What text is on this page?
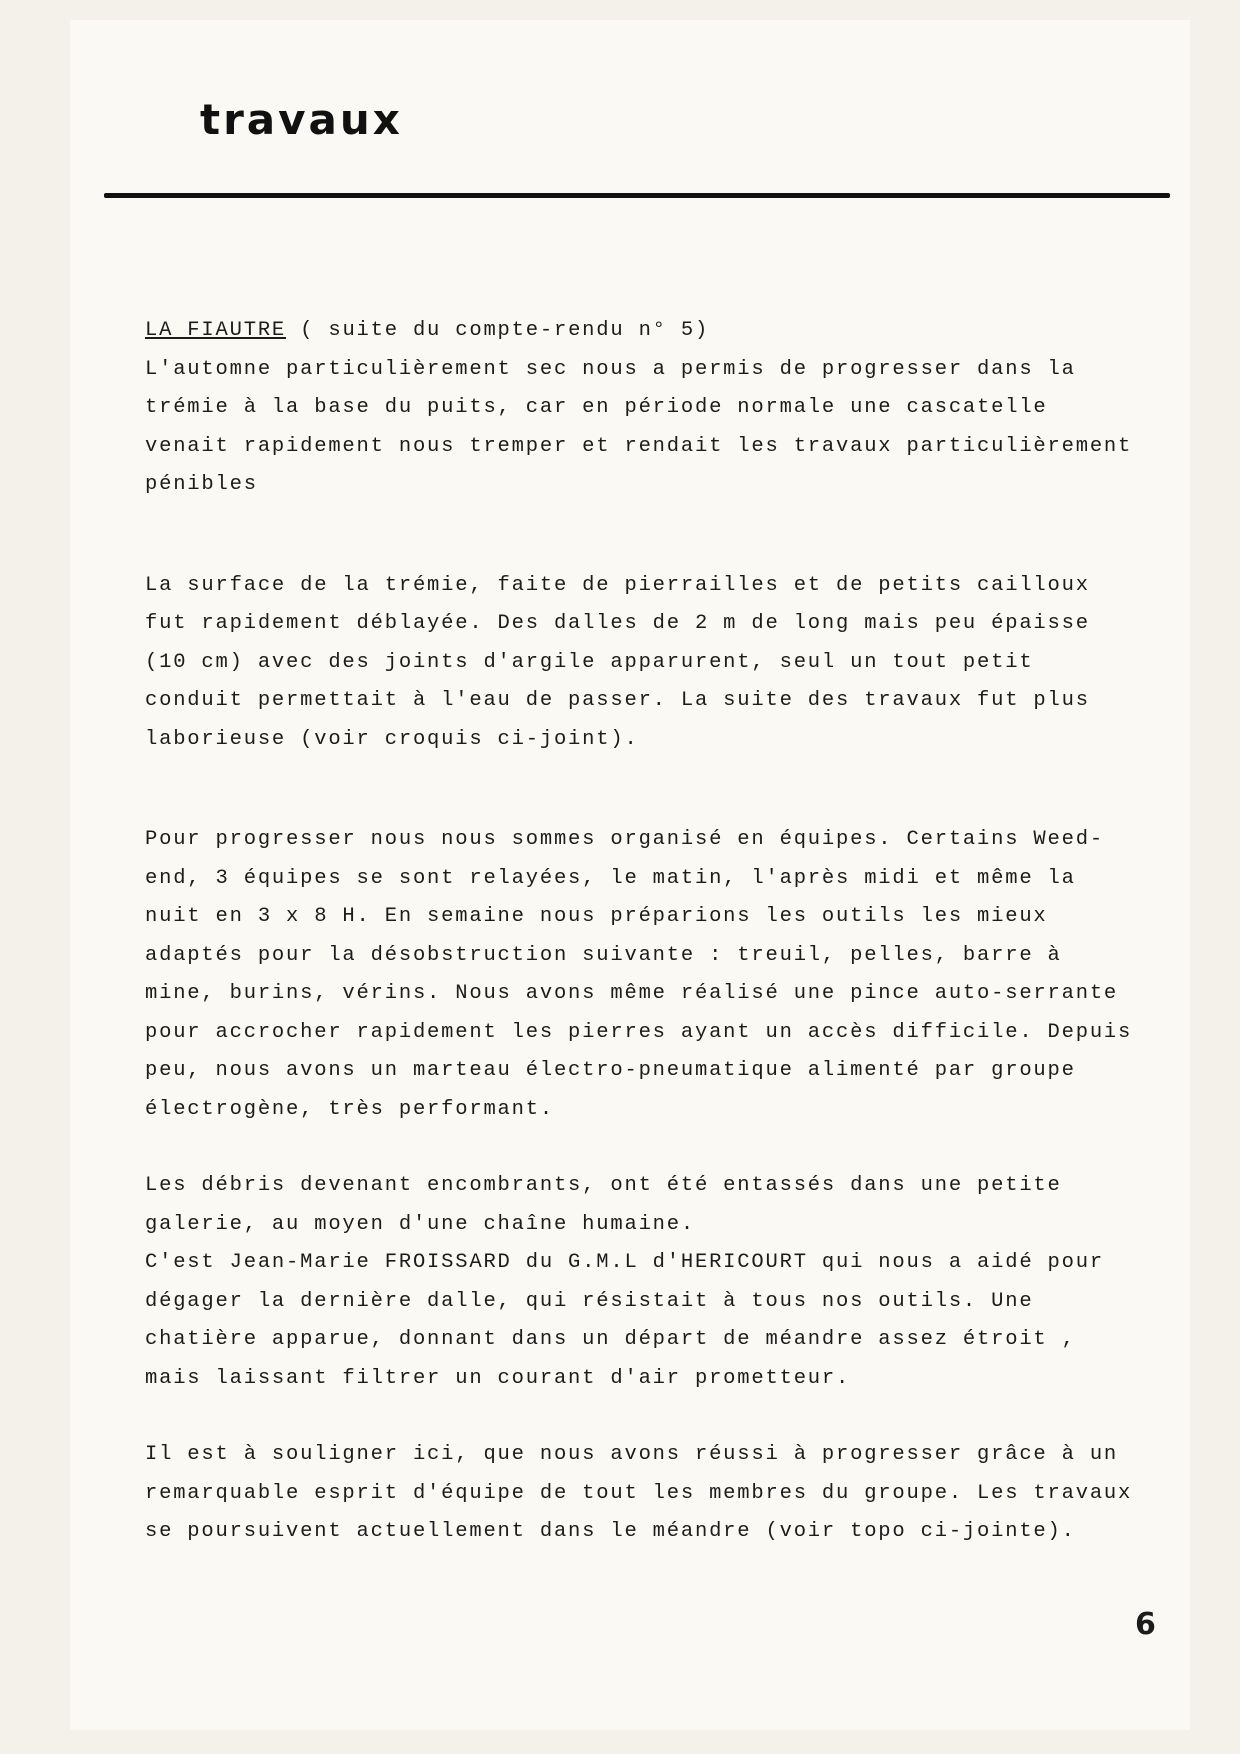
travaux

LA FIAUTRE ( suite du compte-rendu n° 5)

L'automne particulièrement sec nous a permis de progresser dans la trémie à la base du puits, car en période normale une cascatelle venait rapidement nous tremper et rendait les travaux particulièrement pénibles

La surface de la trémie, faite de pierrailles et de petits cailloux fut rapidement déblayée. Des dalles de 2 m de long mais peu épaisse (10 cm) avec des joints d'argile apparurent, seul un tout petit conduit permettait à l'eau de passer. La suite des travaux fut plus laborieuse (voir croquis ci-joint).

Pour progresser nous nous sommes organisé en équipes. Certains Weed-end, 3 équipes se sont relayées, le matin, l'après midi et même la nuit en 3 x 8 H. En semaine nous préparions les outils les mieux adaptés pour la désobstruction suivante : treuil, pelles, barre à mine, burins, vérins. Nous avons même réalisé une pince auto-serrante pour accrocher rapidement les pierres ayant un accès difficile. Depuis peu, nous avons un marteau électro-pneumatique alimenté par groupe électrogène, très performant.

Les débris devenant encombrants, ont été entassés dans une petite galerie, au moyen d'une chaîne humaine.

C'est Jean-Marie FROISSARD du G.M.L d'HERICOURT qui nous a aidé pour dégager la dernière dalle, qui résistait à tous nos outils. Une chatière apparue, donnant dans un départ de méandre assez étroit , mais laissant filtrer un courant d'air prometteur.

Il est à souligner ici, que nous avons réussi à progresser grâce à un remarquable esprit d'équipe de tout les membres du groupe. Les travaux se poursuivent actuellement dans le méandre (voir topo ci-jointe).

6
